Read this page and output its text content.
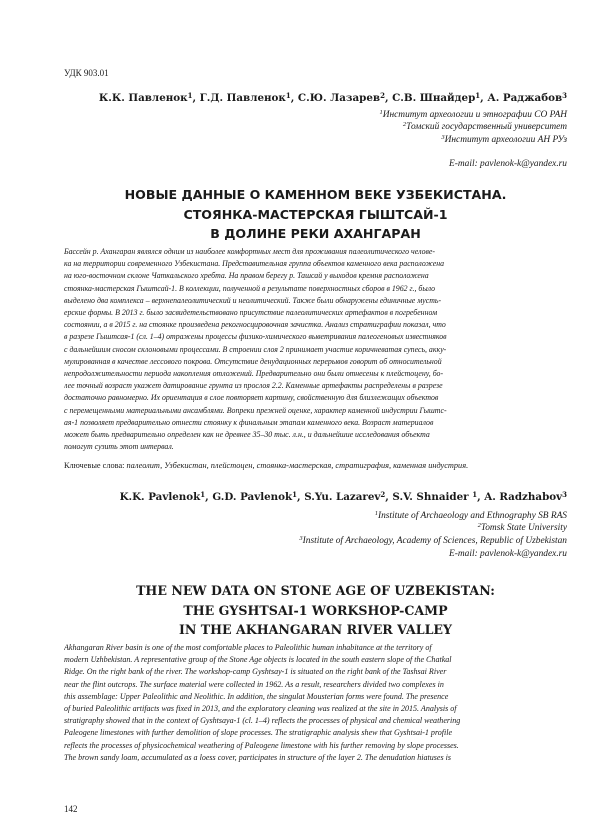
УДК 903.01
К.К. Павленок$^1$, Г.Д. Павленок$^1$, С.Ю. Лазарев$^2$, С.В. Шнайдер$^1$, А. Раджабов$^3$
$^1$Институт археологии и этнографии СО РАН
$^2$Томский государственный университет
$^3$Институт археологии АН РУз
E-mail: pavlenok-k@yandex.ru
НОВЫЕ ДАННЫЕ О КАМЕННОМ ВЕКЕ УЗБЕКИСТАНА.
СТОЯНКА-МАСТЕРСКАЯ ГЫШТСАЙ-1
В ДОЛИНЕ РЕКИ АХАНГАРАН
Бассейн р. Ахангаран являлся одним из наиболее комфортных мест для проживания палеолитического челове-
ка на территории современного Узбекистана. Представительная группа объектов каменного века расположена
на юго-восточном склоне Чаткальского хребта. На правом берегу р. Ташсай у выходов кремня расположена
стоянка-мастерская Гыштсай-1. В коллекции, полученной в результате поверхностных сборов в 1962 г., было
выделено два комплекса – верхнепалеолитический и неолитический. Также были обнаружены единичные мусть-
ерские формы. В 2013 г. было засвидетельствовано присутствие палеолитических артефактов в погребенном
состоянии, а в 2015 г. на стоянке произведена рекогносцировочная зачистка. Анализ стратиграфии показал, что
в разрезе Гыштсая-1 (сл. 1–4) отражены процессы физико-химического выветривания палеогеновых известняков
с дальнейшим сносом склоновыми процессами. В строении слоя 2 принимает участие коричневатая супесь, акку-
мулированная в качестве лессового покрова. Отсутствие денудационных перерывов говорит об относительной
непродолжительности периода накопления отложений. Предварительно они были отнесены к плейстоцену, бо-
лее точный возраст укажет датирование грунта из прослоя 2.2. Каменные артефакты распределены в разрезе
достаточно равномерно. Их ориентация в слое повторяет картину, свойственную для близлежащих объектов
с перемещенными материальными ансамблями. Вопреки прежней оценке, характер каменной индустрии Гыштс-
ая-1 позволяет предварительно отнести стоянку к финальным этапам каменного века. Возраст материалов
может быть предварительно определен как не древнее 35–30 тыс. л.н., и дальнейшие исследования объекта
помогут сузить этот интервал.
Ключевые слова: палеолит, Узбекистан, плейстоцен, стоянка-мастерская, стратиграфия, каменная индустрия.
K.K. Pavlenok$^1$, G.D. Pavlenok$^1$, S.Yu. Lazarev$^2$, S.V. Shnaider $^1$, A. Radzhabov$^3$
$^1$Institute of Archaeology and Ethnography SB RAS
$^2$Tomsk State University
$^3$Institute of Archaeology, Academy of Sciences, Republic of Uzbekistan
E-mail: pavlenok-k@yandex.ru
THE NEW DATA ON STONE AGE OF UZBEKISTAN:
THE GYSHTSAI-1 WORKSHOP-CAMP
IN THE AKHANGARAN RIVER VALLEY
Akhangaran River basin is one of the most comfortable places to Paleolithic human inhabitance at the territory of
modern Uzhbekistan. A representative group of the Stone Age objects is located in the south eastern slope of the Chatkal
Ridge. On the right bank of the river. The workshop-camp Gyshtsay-1 is situated on the right bank of the Tashsai River
near the flint outcrops. The surface material were collected in 1962. As a result, researchers divided two complexes in
this assemblage: Upper Paleolithic and Neolithic. In addition, the singulat Mousterian forms were found. The presence
of buried Paleolithic artifacts was fixed in 2013, and the exploratory cleaning was realized at the site in 2015. Analysis of
stratigraphy showed that in the context of Gyshtsaya-1 (cl. 1–4) reflects the processes of physical and chemical weathering
Paleogene limestones with further demolition of slope processes. The stratigraphic analysis shew that Gyshtsai-1 profile
reflects the processes of physicochemical weathering of Paleogene limestone with his further removing by slope processes.
The brown sandy loam, accumulated as a loess cover, participates in structure of the layer 2. The denudation hiatuses is
142
